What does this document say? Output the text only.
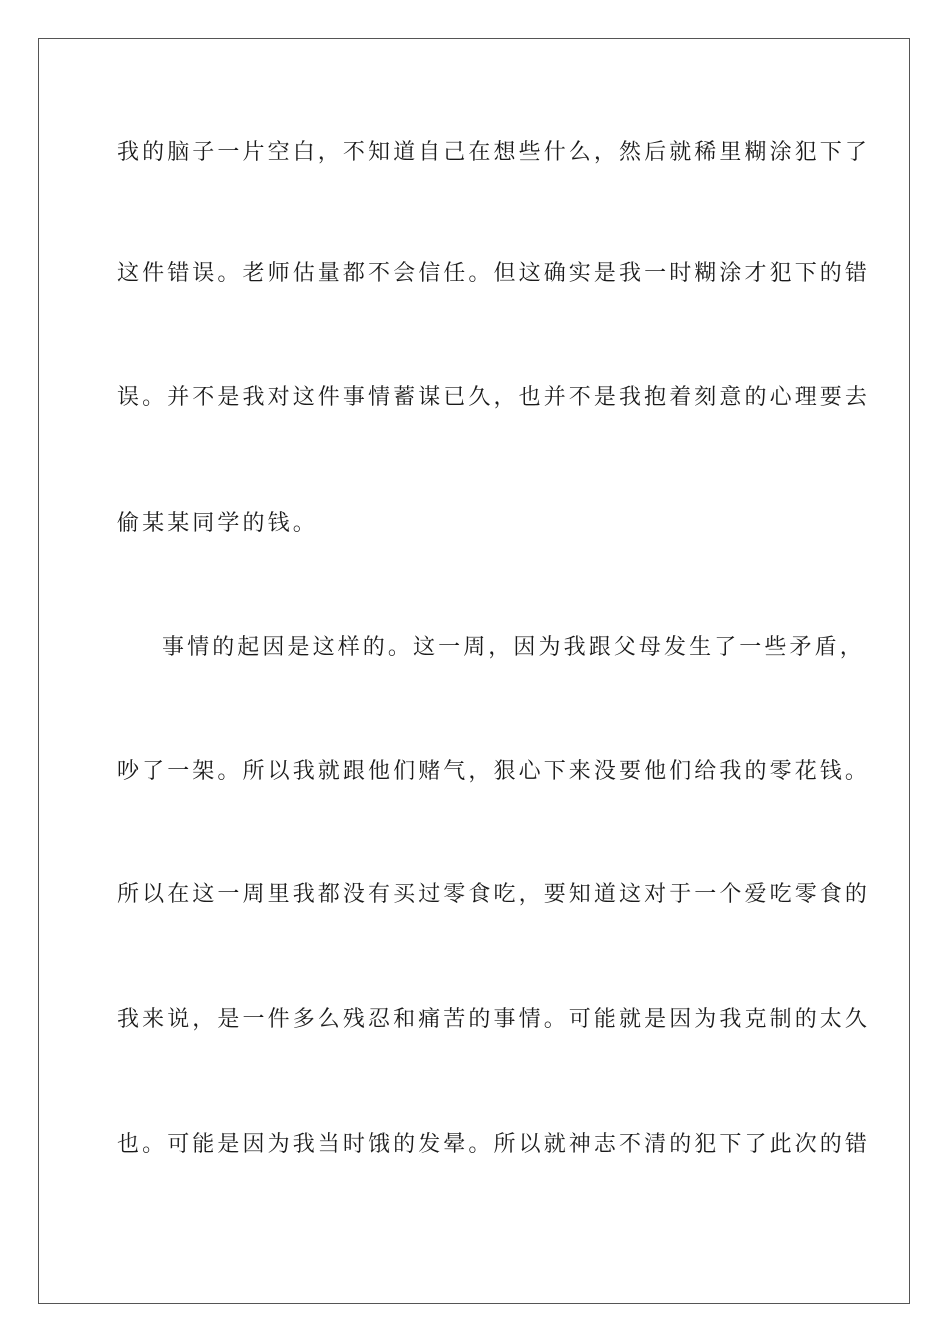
我的脑子一片空白，不知道自己在想些什么，然后就稀里糊涂犯下了
这件错误。老师估量都不会信任。但这确实是我一时糊涂才犯下的错
误。并不是我对这件事情蓄谋已久，也并不是我抱着刻意的心理要去
偷某某同学的钱。
事情的起因是这样的。这一周，因为我跟父母发生了一些矛盾，
吵了一架。所以我就跟他们赌气，狠心下来没要他们给我的零花钱。
所以在这一周里我都没有买过零食吃，要知道这对于一个爱吃零食的
我来说，是一件多么残忍和痛苦的事情。可能就是因为我克制的太久
也。可能是因为我当时饿的发晕。所以就神志不清的犯下了此次的错
